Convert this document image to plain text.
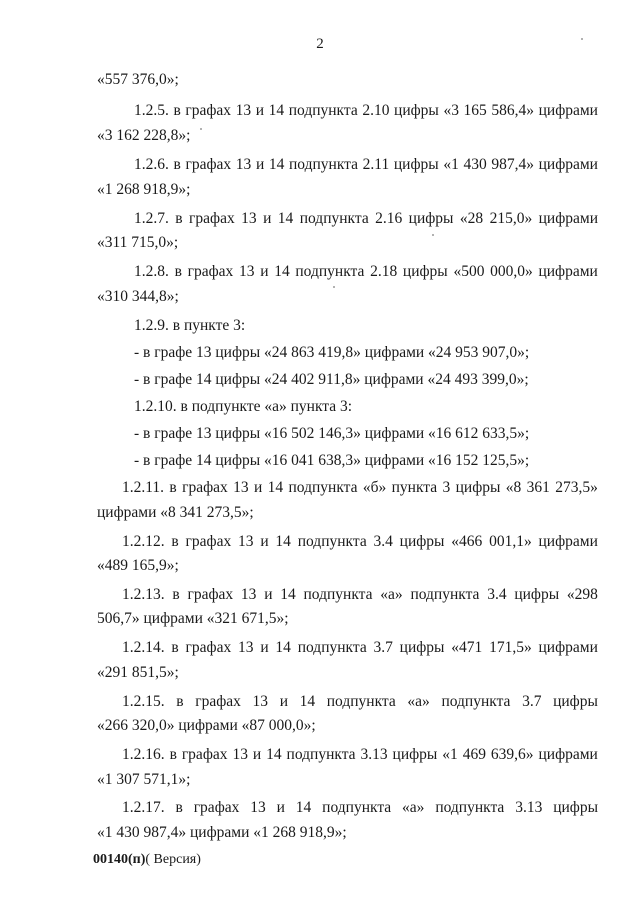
2
«557 376,0»;
1.2.5. в графах 13 и 14 подпункта 2.10 цифры «3 165 586,4» цифрами
«3 162 228,8»;
1.2.6. в графах 13 и 14 подпункта 2.11 цифры «1 430 987,4» цифрами
«1 268 918,9»;
1.2.7. в графах 13 и 14 подпункта 2.16 цифры «28 215,0» цифрами
«311 715,0»;
1.2.8. в графах 13 и 14 подпункта 2.18 цифры «500 000,0» цифрами
«310 344,8»;
1.2.9. в пункте 3:
- в графе 13 цифры «24 863 419,8» цифрами «24 953 907,0»;
- в графе 14 цифры «24 402 911,8» цифрами «24 493 399,0»;
1.2.10. в подпункте «а» пункта 3:
- в графе 13 цифры «16 502 146,3» цифрами «16 612 633,5»;
- в графе 14 цифры «16 041 638,3» цифрами «16 152 125,5»;
1.2.11. в графах 13 и 14 подпункта «б» пункта 3 цифры «8 361 273,5»
цифрами «8 341 273,5»;
1.2.12. в графах 13 и 14 подпункта 3.4 цифры «466 001,1» цифрами
«489 165,9»;
1.2.13. в графах 13 и 14 подпункта «а» подпункта 3.4 цифры «298
506,7» цифрами «321 671,5»;
1.2.14. в графах 13 и 14 подпункта 3.7 цифры «471 171,5» цифрами
«291 851,5»;
1.2.15. в графах 13 и 14 подпункта «а» подпункта 3.7 цифры
«266 320,0» цифрами «87 000,0»;
1.2.16. в графах 13 и 14 подпункта 3.13 цифры «1 469 639,6» цифрами
«1 307 571,1»;
1.2.17. в графах 13 и 14 подпункта «а» подпункта 3.13 цифры
«1 430 987,4» цифрами «1 268 918,9»;
00140(п)( Версия)
